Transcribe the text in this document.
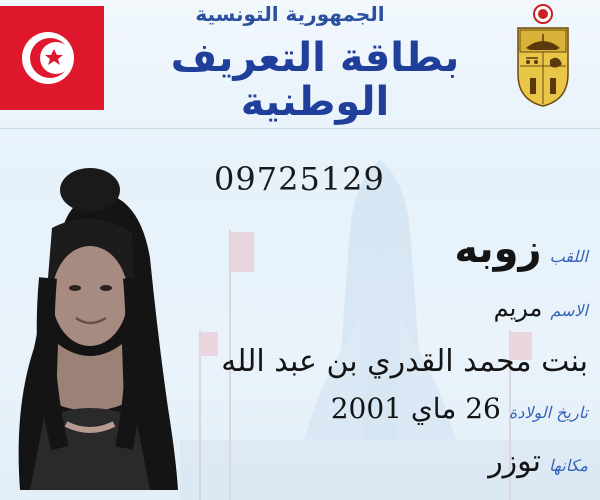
الجمهورية التونسية
بطاقة التعريف الوطنية
09725129
اللقب
زوبه
الاسم
مريم
بنت محمد القدري بن عبد الله
تاريخ الولادة
26 ماي 2001
مكانها
توزر
